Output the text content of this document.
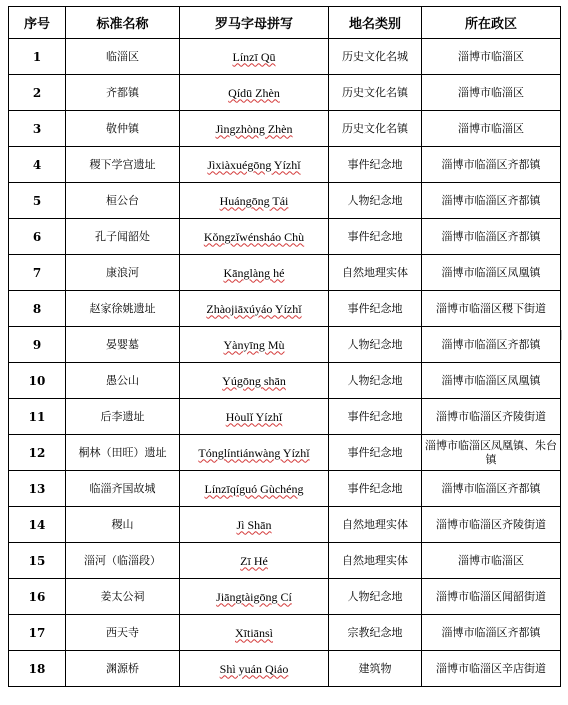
序号	标准名称	罗马字母拼写	地名类别	所在政区
1	临淄区	Línzī Qū	历史文化名城	淄博市临淄区
2	齐都镇	Qídū Zhèn	历史文化名镇	淄博市临淄区
3	敬仲镇	Jìngzhòng Zhèn	历史文化名镇	淄博市临淄区
4	稷下学宫遗址	Jìxiàxuégōng Yízhǐ	事件纪念地	淄博市临淄区齐都镇
5	桓公台	Huángōng Tái	人物纪念地	淄博市临淄区齐都镇
6	孔子闻韶处	Kǒngzǐwénsháo Chù	事件纪念地	淄博市临淄区齐都镇
7	康浪河	Kānglàng hé	自然地理实体	淄博市临淄区凤凰镇
8	赵家徐姚遗址	Zhàojiāxúyáo Yízhǐ	事件纪念地	淄博市临淄区稷下街道
9	晏婴墓	Yànyīng Mù	人物纪念地	淄博市临淄区齐都镇
10	愚公山	Yúgōng shān	人物纪念地	淄博市临淄区凤凰镇
11	后李遗址	Hòulǐ Yízhǐ	事件纪念地	淄博市临淄区齐陵街道
12	桐林（田旺）遗址	Tónglíntiánwàng Yízhǐ	事件纪念地	淄博市临淄区凤凰镇、朱台镇
13	临淄齐国故城	Línzīqíguó Gùchéng	事件纪念地	淄博市临淄区齐都镇
14	稷山	Jì Shān	自然地理实体	淄博市临淄区齐陵街道
15	淄河（临淄段）	Zī Hé	自然地理实体	淄博市临淄区
16	姜太公祠	Jiāngtàigōng Cí	人物纪念地	淄博市临淄区闻韶街道
17	西天寺	Xītiānsì	宗教纪念地	淄博市临淄区齐都镇
18	渊源桥	Shì yuán Qiáo	建筑物	淄博市临淄区辛店街道
